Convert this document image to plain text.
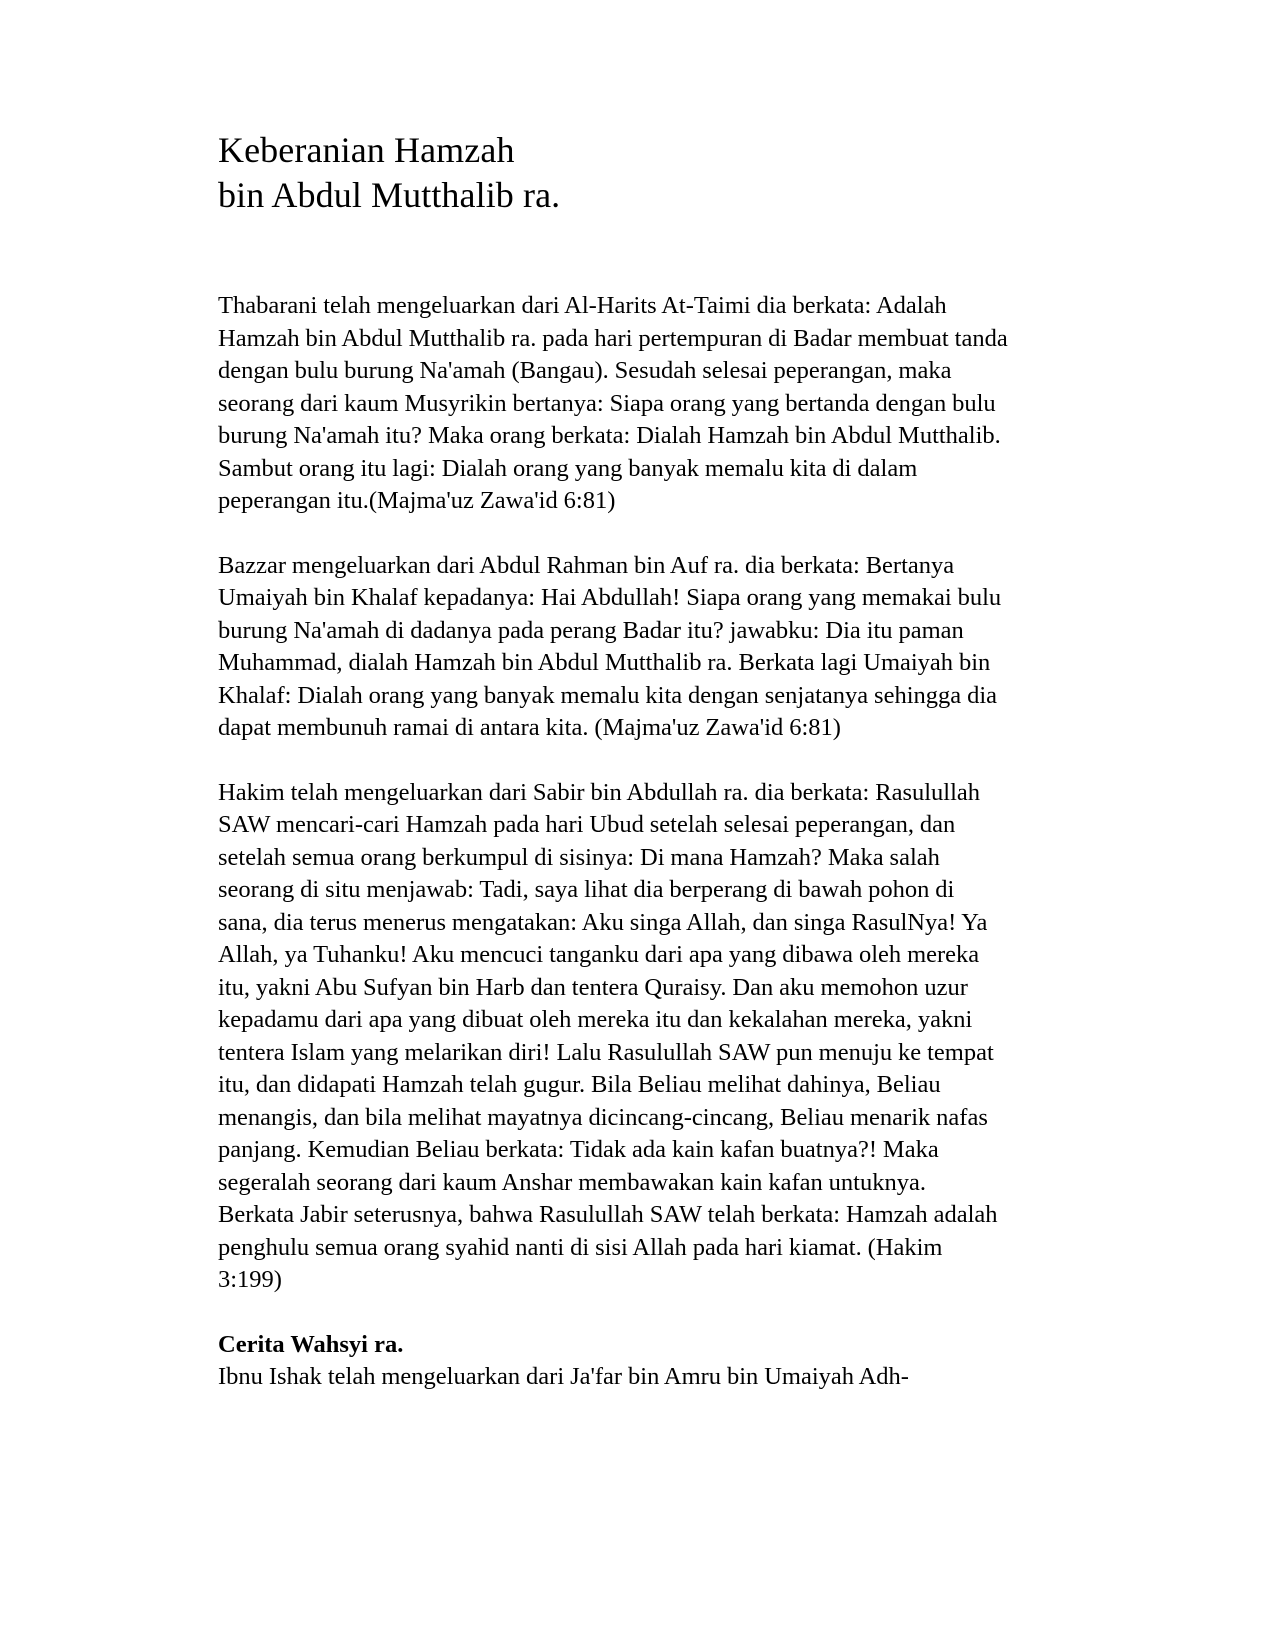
Keberanian Hamzah
bin Abdul Mutthalib ra.

Thabarani telah mengeluarkan dari Al-Harits At-Taimi dia berkata: Adalah Hamzah bin Abdul Mutthalib ra. pada hari pertempuran di Badar membuat tanda dengan bulu burung Na'amah (Bangau). Sesudah selesai peperangan, maka seorang dari kaum Musyrikin bertanya: Siapa orang yang bertanda dengan bulu burung Na'amah itu? Maka orang berkata: Dialah Hamzah bin Abdul Mutthalib. Sambut orang itu lagi: Dialah orang yang banyak memalu kita di dalam peperangan itu.(Majma'uz Zawa'id 6:81)

Bazzar mengeluarkan dari Abdul Rahman bin Auf ra. dia berkata: Bertanya Umaiyah bin Khalaf kepadanya: Hai Abdullah! Siapa orang yang memakai bulu burung Na'amah di dadanya pada perang Badar itu? jawabku: Dia itu paman Muhammad, dialah Hamzah bin Abdul Mutthalib ra. Berkata lagi Umaiyah bin Khalaf: Dialah orang yang banyak memalu kita dengan senjatanya sehingga dia dapat membunuh ramai di antara kita. (Majma'uz Zawa'id 6:81)

Hakim telah mengeluarkan dari Sabir bin Abdullah ra. dia berkata: Rasulullah SAW mencari-cari Hamzah pada hari Ubud setelah selesai peperangan, dan setelah semua orang berkumpul di sisinya: Di mana Hamzah? Maka salah seorang di situ menjawab: Tadi, saya lihat dia berperang di bawah pohon di sana, dia terus menerus mengatakan: Aku singa Allah, dan singa RasulNya! Ya Allah, ya Tuhanku! Aku mencuci tanganku dari apa yang dibawa oleh mereka itu, yakni Abu Sufyan bin Harb dan tentera Quraisy. Dan aku memohon uzur kepadamu dari apa yang dibuat oleh mereka itu dan kekalahan mereka, yakni tentera Islam yang melarikan diri! Lalu Rasulullah SAW pun menuju ke tempat itu, dan didapati Hamzah telah gugur. Bila Beliau melihat dahinya, Beliau menangis, dan bila melihat mayatnya dicincang-cincang, Beliau menarik nafas panjang. Kemudian Beliau berkata: Tidak ada kain kafan buatnya?! Maka segeralah seorang dari kaum Anshar membawakan kain kafan untuknya. Berkata Jabir seterusnya, bahwa Rasulullah SAW telah berkata: Hamzah adalah penghulu semua orang syahid nanti di sisi Allah pada hari kiamat. (Hakim 3:199)

Cerita Wahsyi ra.

Ibnu Ishak telah mengeluarkan dari Ja'far bin Amru bin Umaiyah Adh-
